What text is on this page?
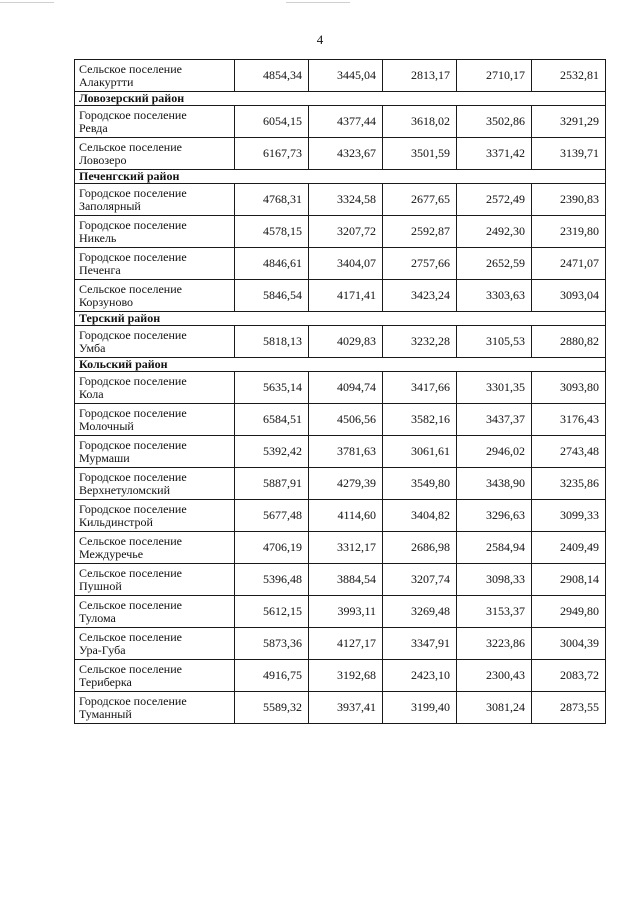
4
Сельское поселение
Алакуртти	4854,34	3445,04	2813,17	2710,17	2532,81
Ловозерский район					

Городское поселение
Ревда	6054,15	4377,44	3618,02	3502,86	3291,29

Сельское поселение
Ловозеро	6167,73	4323,67	3501,59	3371,42	3139,71
Печенгский район					

Городское поселение
Заполярный	4768,31	3324,58	2677,65	2572,49	2390,83

Городское поселение
Никель	4578,15	3207,72	2592,87	2492,30	2319,80

Городское поселение
Печенга	4846,61	3404,07	2757,66	2652,59	2471,07

Сельское поселение
Корзуново	5846,54	4171,41	3423,24	3303,63	3093,04
Терский район					

Городское поселение
Умба	5818,13	4029,83	3232,28	3105,53	2880,82
Кольский район					

Городское поселение
Кола	5635,14	4094,74	3417,66	3301,35	3093,80

Городское поселение
Молочный	6584,51	4506,56	3582,16	3437,37	3176,43

Городское поселение
Мурмаши	5392,42	3781,63	3061,61	2946,02	2743,48

Городское поселение
Верхнетуломский	5887,91	4279,39	3549,80	3438,90	3235,86

Городское поселение
Кильдинстрой	5677,48	4114,60	3404,82	3296,63	3099,33

Сельское поселение
Междуречье	4706,19	3312,17	2686,98	2584,94	2409,49

Сельское поселение
Пушной	5396,48	3884,54	3207,74	3098,33	2908,14

Сельское поселение
Тулома	5612,15	3993,11	3269,48	3153,37	2949,80

Сельское поселение
Ура-Губа	5873,36	4127,17	3347,91	3223,86	3004,39

Сельское поселение
Териберка	4916,75	3192,68	2423,10	2300,43	2083,72

Городское поселение
Туманный	5589,32	3937,41	3199,40	3081,24	2873,55
